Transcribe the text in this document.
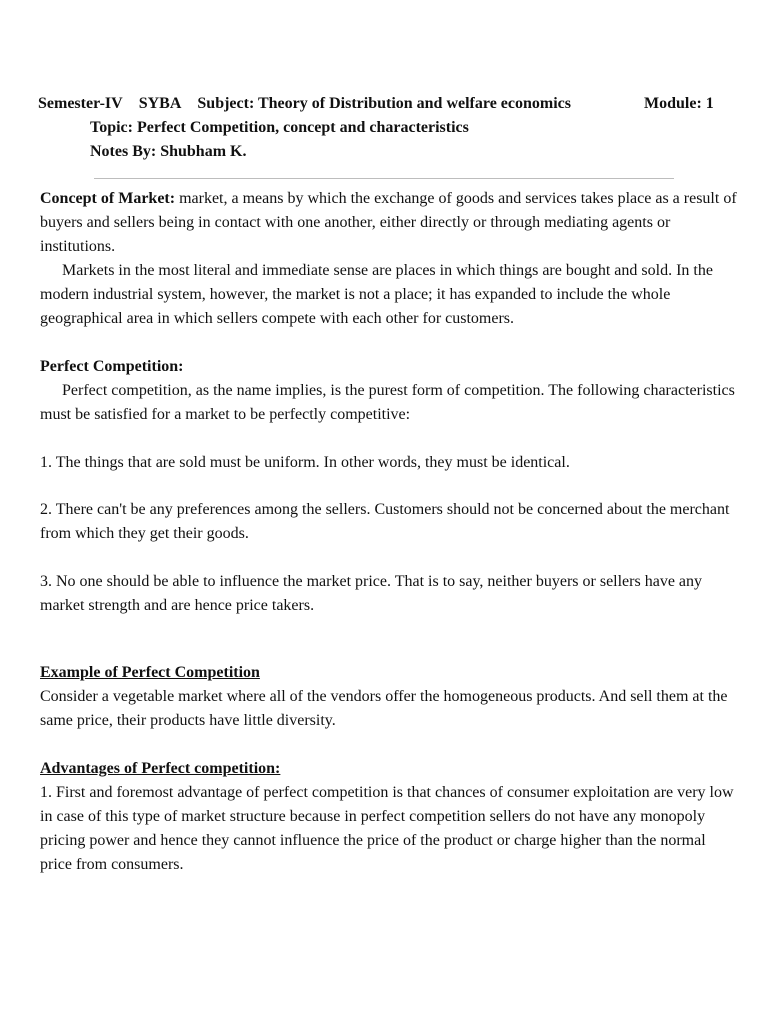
Semester-IV SYBA Subject: Theory of Distribution and welfare economics	Module: 1
Topic: Perfect Competition, concept and characteristics
Notes By: Shubham K.

Concept of Market: market, a means by which the exchange of goods and services takes place as a result of buyers and sellers being in contact with one another, either directly or through mediating agents or institutions.

Markets in the most literal and immediate sense are places in which things are bought and sold. In the modern industrial system, however, the market is not a place; it has expanded to include the whole geographical area in which sellers compete with each other for customers.

Perfect Competition:

Perfect competition, as the name implies, is the purest form of competition. The following characteristics must be satisfied for a market to be perfectly competitive:

1. The things that are sold must be uniform. In other words, they must be identical.
2. There can't be any preferences among the sellers. Customers should not be concerned about the merchant from which they get their goods.
3. No one should be able to influence the market price. That is to say, neither buyers or sellers have any market strength and are hence price takers.

Example of Perfect Competition

Consider a vegetable market where all of the vendors offer the homogeneous products. And sell them at the same price, their products have little diversity.

Advantages of Perfect competition:

1. First and foremost advantage of perfect competition is that chances of consumer exploitation are very low in case of this type of market structure because in perfect competition sellers do not have any monopoly pricing power and hence they cannot influence the price of the product or charge higher than the normal price from consumers.
